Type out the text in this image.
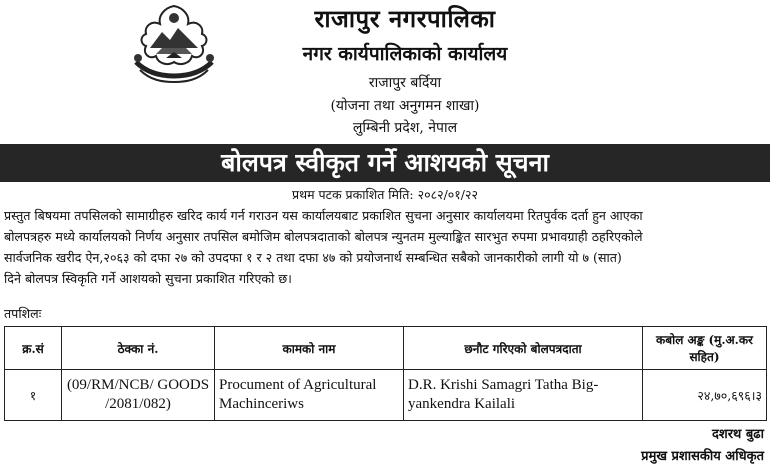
राजापुर नगरपालिका
नगर कार्यपालिकाको कार्यालय
राजापुर बर्दिया
(योजना तथा अनुगमन शाखा)
लुम्बिनी प्रदेश, नेपाल
बोलपत्र स्वीकृत गर्ने आशयको सूचना
प्रथम पटक प्रकाशित मिति: २०८२/०१/२२
प्रस्तुत बिषयमा तपसिलको सामाग्रीहरु खरिद कार्य गर्न गराउन यस कार्यालयबाट प्रकाशित सुचना अनुसार कार्यालयमा रितपुर्वक दर्ता हुन आएका
बोलपत्रहरु मध्ये कार्यालयको निर्णय अनुसार तपसिल बमोजिम बोलपत्रदाताको बोलपत्र न्युनतम मुल्याङ्कित सारभुत रुपमा प्रभावग्राही ठहरिएकोले
सार्वजनिक खरीद ऐन,२०६३ को दफा २७ को उपदफा १ र २ तथा दफा ४७ को प्रयोजनार्थ सम्बन्धित सबैको जानकारीको लागी यो ७ (सात)
दिने बोलपत्र स्विकृति गर्ने आशयको सुचना प्रकाशित गरिएको छ।
तपशिलः
क्र.सं	ठेक्का नं.	कामको नाम	छनौट गरिएको बोलपत्रदाता	कबोल अङ्क (मु.अ.कर सहित)
१	(09/RM/NCB/ GOODS /2081/082)	Procument of Agricultural Machinceriws	D.R. Krishi Samagri Tatha Big-yankendra Kailali	२४,७०,६९६।३
दशरथ बुढा
प्रमुख प्रशासकीय अधिकृत
